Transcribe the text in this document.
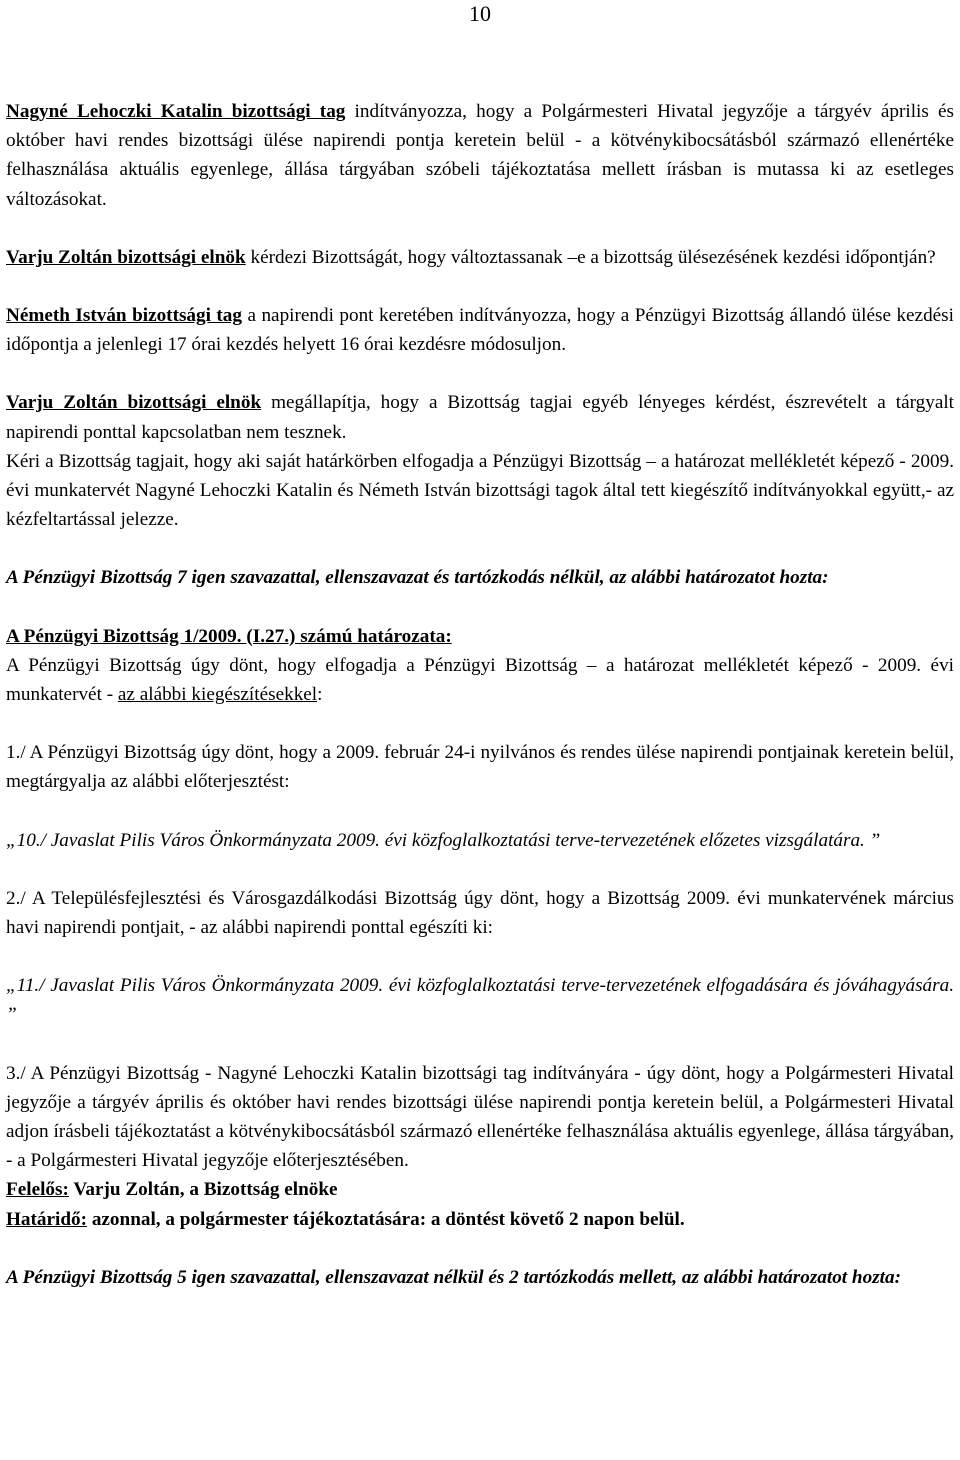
10

Nagyné Lehoczki Katalin bizottsági tag indítványozza, hogy a Polgármesteri Hivatal jegyzője a tárgyév április és október havi rendes bizottsági ülése napirendi pontja keretein belül - a kötvénykibocsátásból származó ellenértéke felhasználása aktuális egyenlege, állása tárgyában szóbeli tájékoztatása mellett írásban is mutassa ki az esetleges változásokat.

Varju Zoltán bizottsági elnök kérdezi Bizottságát, hogy változtassanak –e a bizottság ülésezésének kezdési időpontján?

Németh István bizottsági tag a napirendi pont keretében indítványozza, hogy a Pénzügyi Bizottság állandó ülése kezdési időpontja a jelenlegi 17 órai kezdés helyett 16 órai kezdésre módosuljon.

Varju Zoltán bizottsági elnök megállapítja, hogy a Bizottság tagjai egyéb lényeges kérdést, észrevételt a tárgyalt napirendi ponttal kapcsolatban nem tesznek.

Kéri a Bizottság tagjait, hogy aki saját határkörben elfogadja a Pénzügyi Bizottság – a határozat mellékletét képező - 2009. évi munkatervét Nagyné Lehoczki Katalin és Németh István bizottsági tagok által tett kiegészítő indítványokkal együtt,- az kézfeltartással jelezze.

A Pénzügyi Bizottság 7 igen szavazattal, ellenszavazat és tartózkodás nélkül, az alábbi határozatot hozta:

A Pénzügyi Bizottság 1/2009. (I.27.) számú határozata:

A Pénzügyi Bizottság úgy dönt, hogy elfogadja a Pénzügyi Bizottság – a határozat mellékletét képező - 2009. évi munkatervét - az alábbi kiegészítésekkel:

1./ A Pénzügyi Bizottság úgy dönt, hogy a 2009. február 24-i nyilvános és rendes ülése napirendi pontjainak keretein belül, megtárgyalja az alábbi előterjesztést:

„10./ Javaslat Pilis Város Önkormányzata 2009. évi közfoglalkoztatási terve-tervezetének előzetes vizsgálatára. ”

2./ A Településfejlesztési és Városgazdálkodási Bizottság úgy dönt, hogy a Bizottság 2009. évi munkatervének március havi napirendi pontjait, - az alábbi napirendi ponttal egészíti ki:

„11./ Javaslat Pilis Város Önkormányzata 2009. évi közfoglalkoztatási terve-tervezetének elfogadására és jóváhagyására. ”

3./ A Pénzügyi Bizottság - Nagyné Lehoczki Katalin bizottsági tag indítványára - úgy dönt, hogy a Polgármesteri Hivatal jegyzője a tárgyév április és október havi rendes bizottsági ülése napirendi pontja keretein belül, a Polgármesteri Hivatal adjon írásbeli tájékoztatást a kötvénykibocsátásból származó ellenértéke felhasználása aktuális egyenlege, állása tárgyában, - a Polgármesteri Hivatal jegyzője előterjesztésében.

Felelős: Varju Zoltán, a Bizottság elnöke

Határidő: azonnal, a polgármester tájékoztatására: a döntést követő 2 napon belül.

A Pénzügyi Bizottság 5 igen szavazattal, ellenszavazat nélkül és 2 tartózkodás mellett, az alábbi határozatot hozta:
